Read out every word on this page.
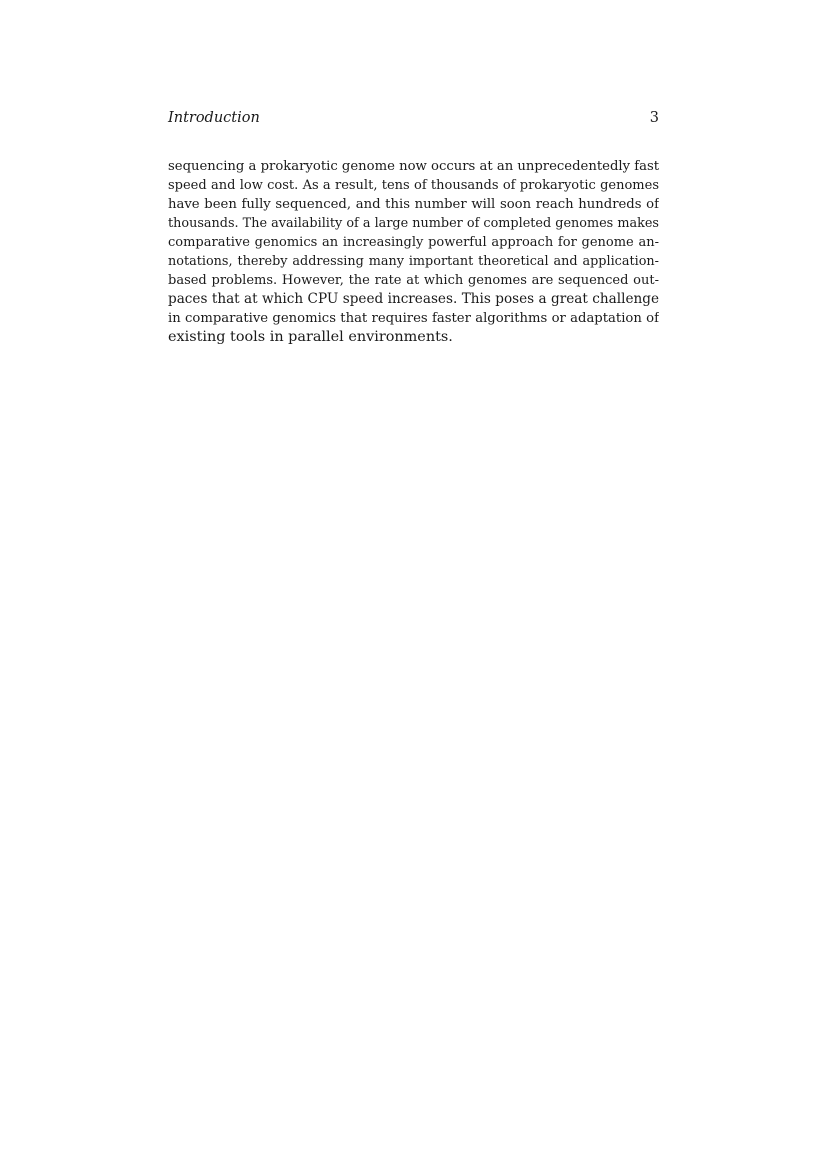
Introduction	3
sequencing a prokaryotic genome now occurs at an unprecedentedly fast
speed and low cost. As a result, tens of thousands of prokaryotic genomes
have been fully sequenced, and this number will soon reach hundreds of
thousands. The availability of a large number of completed genomes makes
comparative genomics an increasingly powerful approach for genome an-
notations, thereby addressing many important theoretical and application-
based problems. However, the rate at which genomes are sequenced out-
paces that at which CPU speed increases. This poses a great challenge
in comparative genomics that requires faster algorithms or adaptation of
existing tools in parallel environments.
